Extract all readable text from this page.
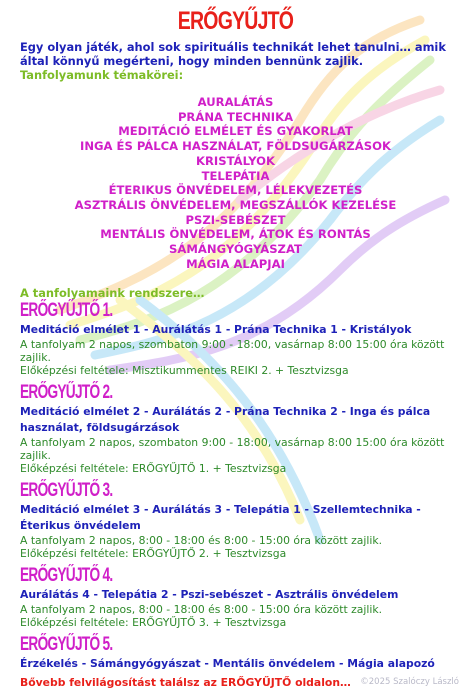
ERŐGYŰJTŐ
Egy olyan játék, ahol sok spirituális technikát lehet tanulni… amik által könnyű megérteni, hogy minden bennünk zajlik.
Tanfolyamunk témakörei:
AURALÁTÁS
PRÁNA TECHNIKA
MEDITÁCIÓ ELMÉLET ÉS GYAKORLAT
INGA ÉS PÁLCA HASZNÁLAT, FÖLDSUGÁRZÁSOK
KRISTÁLYOK
TELEPÁTIA
ÉTERIKUS ÖNVÉDELEM, LÉLEKVEZETÉS
ASZTRÁLIS ÖNVÉDELEM, MEGSZÁLLÓK KEZELÉSE
PSZI-SEBÉSZET
MENTÁLIS ÖNVÉDELEM, ÁTOK ÉS RONTÁS
SÁMÁNGYÓGYÁSZAT
MÁGIA ALAPJAI
A tanfolyamaink rendszere…
ERŐGYŰJTŐ 1.
Meditáció elmélet 1 - Aurálátás 1 - Prána Technika 1 - Kristályok
A tanfolyam 2 napos, szombaton 9:00 - 18:00, vasárnap 8:00 15:00 óra között zajlik.
Előképzési feltétele: Misztikummentes REIKI 2. + Tesztvizsga
ERŐGYŰJTŐ 2.
Meditáció elmélet 2 - Aurálátás 2 - Prána Technika 2 - Inga és pálca használat, földsugárzások
A tanfolyam 2 napos, szombaton 9:00 - 18:00, vasárnap 8:00 15:00 óra között zajlik.
Előképzési feltétele: ERŐGYŰJTŐ 1. + Tesztvizsga
ERŐGYŰJTŐ 3.
Meditáció elmélet 3 - Aurálátás 3 - Telepátia 1 - Szellemtechnika - Éterikus önvédelem
A tanfolyam 2 napos, 8:00 - 18:00 és 8:00 - 15:00 óra között zajlik.
Előképzési feltétele: ERŐGYŰJTŐ 2. + Tesztvizsga
ERŐGYŰJTŐ 4.
Aurálátás 4 - Telepátia 2 - Pszi-sebészet - Asztrális önvédelem
A tanfolyam 2 napos, 8:00 - 18:00 és 8:00 - 15:00 óra között zajlik.
Előképzési feltétele: ERŐGYŰJTŐ 3. + Tesztvizsga
ERŐGYŰJTŐ 5.
Érzékelés - Sámángyógyászat - Mentális önvédelem - Mágia alapozó
Bővebb felvilágosítást találsz az ERŐGYŰJTŐ oldalon…	©2025 Szalóczy László
